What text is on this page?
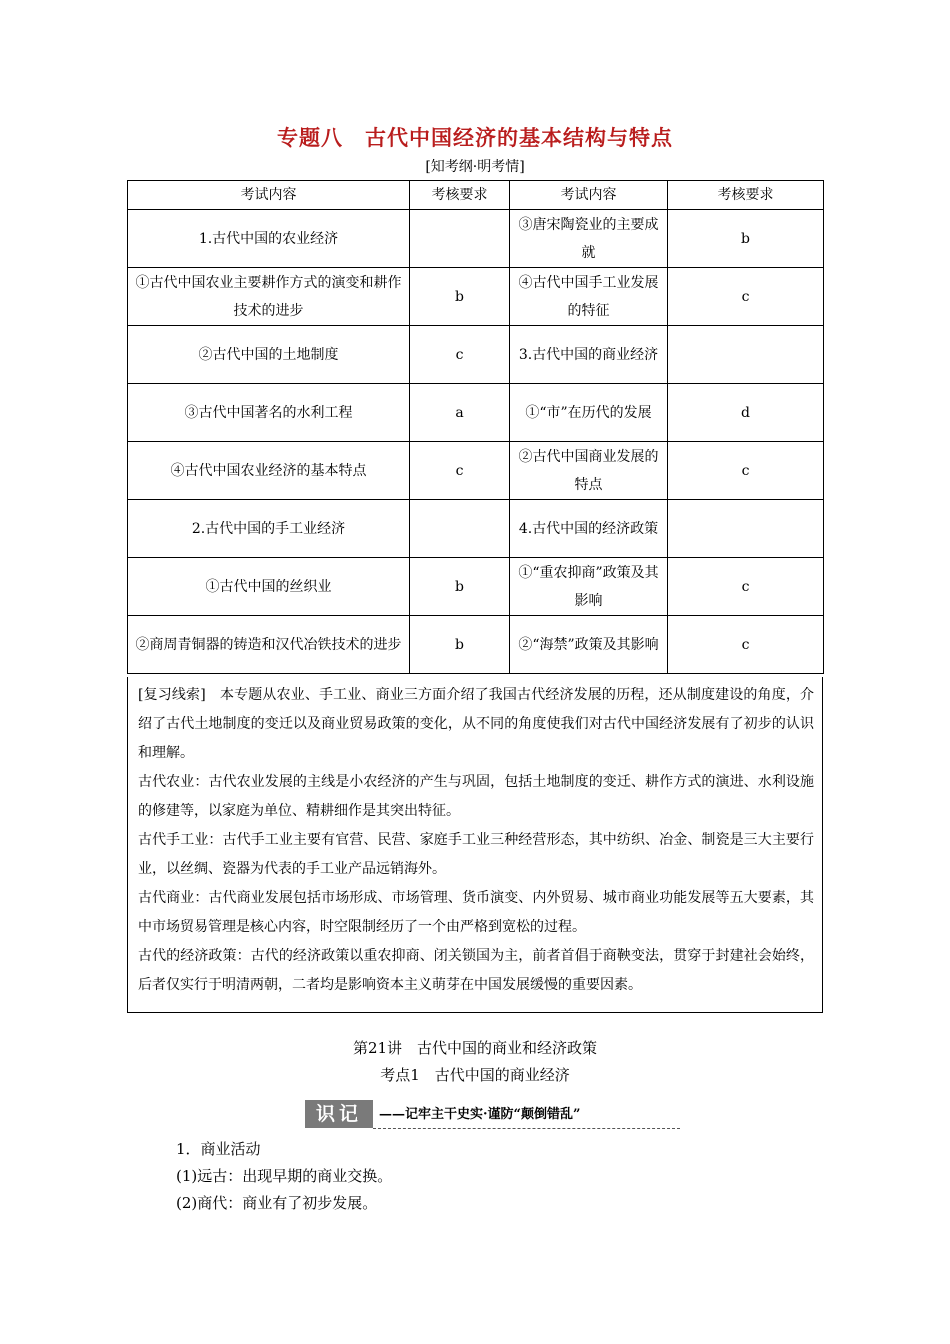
专题八　古代中国经济的基本结构与特点
[知考纲·明考情]
考试内容	考核要求	考试内容	考核要求
1.古代中国的农业经济		③唐宋陶瓷业的主要成就	b
①古代中国农业主要耕作方式的演变和耕作技术的进步	b	④古代中国手工业发展的特征	c
②古代中国的土地制度	c	3.古代中国的商业经济	
③古代中国著名的水利工程	a	①“市”在历代的发展	d
④古代中国农业经济的基本特点	c	②古代中国商业发展的特点	c
2.古代中国的手工业经济		4.古代中国的经济政策	
①古代中国的丝织业	b	①“重农抑商”政策及其影响	c
②商周青铜器的铸造和汉代冶铁技术的进步	b	②“海禁”政策及其影响	c

[复习线索]　本专题从农业、手工业、商业三方面介绍了我国古代经济发展的历程，还从制度建设的角度，介绍了古代土地制度的变迁以及商业贸易政策的变化，从不同的角度使我们对古代中国经济发展有了初步的认识和理解。

古代农业：古代农业发展的主线是小农经济的产生与巩固，包括土地制度的变迁、耕作方式的演进、水利设施的修建等，以家庭为单位、精耕细作是其突出特征。

古代手工业：古代手工业主要有官营、民营、家庭手工业三种经营形态，其中纺织、冶金、制瓷是三大主要行业，以丝绸、瓷器为代表的手工业产品远销海外。

古代商业：古代商业发展包括市场形成、市场管理、货币演变、内外贸易、城市商业功能发展等五大要素，其中市场贸易管理是核心内容，时空限制经历了一个由严格到宽松的过程。

古代的经济政策：古代的经济政策以重农抑商、闭关锁国为主，前者首倡于商鞅变法，贯穿于封建社会始终，后者仅实行于明清两朝，二者均是影响资本主义萌芽在中国发展缓慢的重要因素。

第21讲　古代中国的商业和经济政策
考点1　古代中国的商业经济
识记	——记牢主干史实·谨防“颠倒错乱”
1．商业活动
(1)远古：出现早期的商业交换。
(2)商代：商业有了初步发展。
